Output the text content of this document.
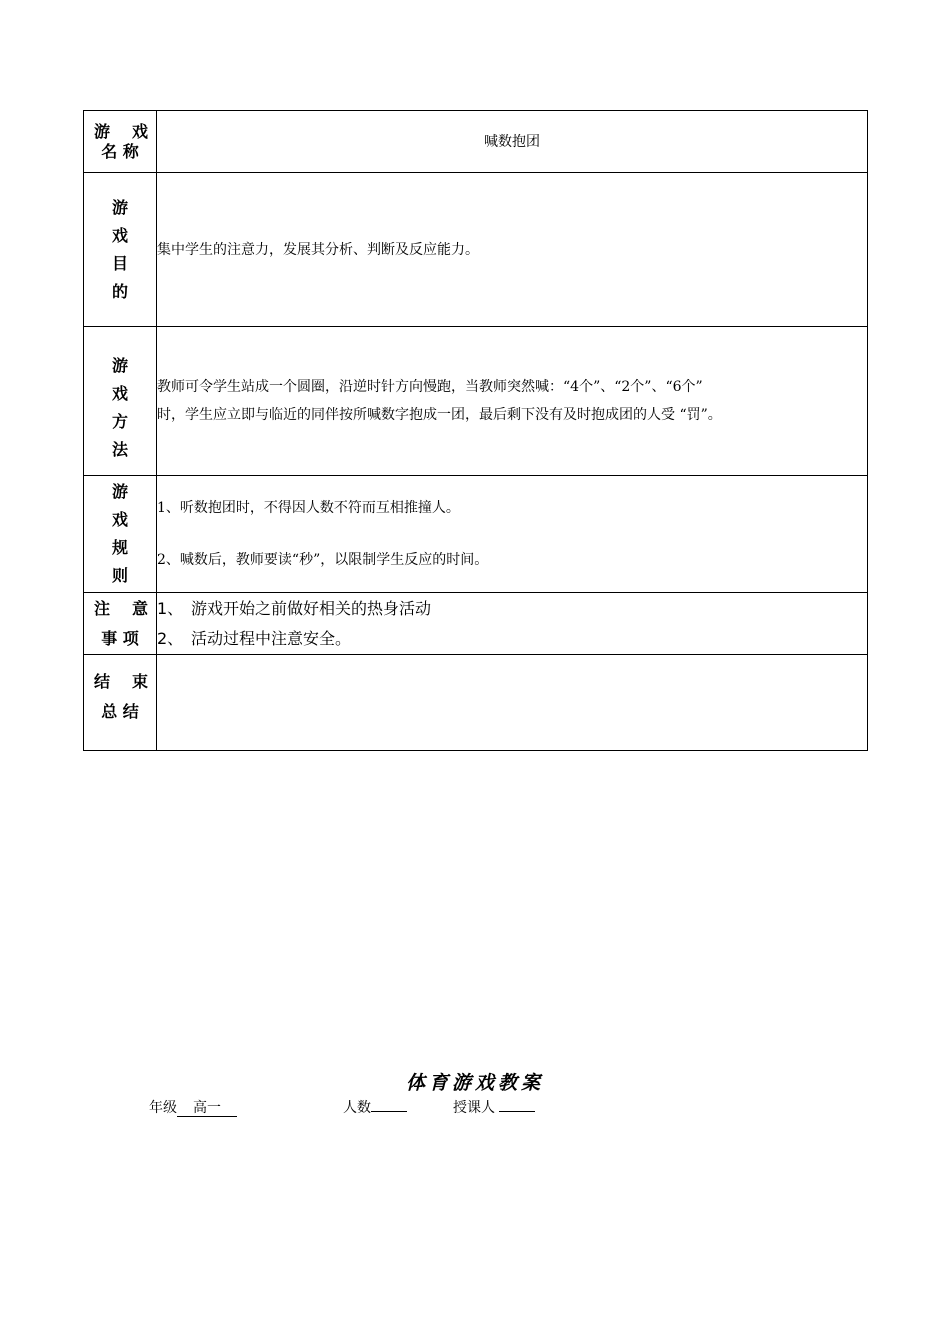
游 戏
名 称	喊数抱团

游
戏
目
的	集中学生的注意力，发展其分析、判断及反应能力。

游
戏
方
法	教师可令学生站成一个圆圈，沿逆时针方向慢跑，当教师突然喊：“4个”、“2个”、“6个”
时，学生应立即与临近的同伴按所喊数字抱成一团，最后剩下没有及时抱成团的人受 “罚”。

游
戏
规
则	1、听数抱团时，不得因人数不符而互相推撞人。
2、喊数后，教师要读“秒”，以限制学生反应的时间。

注 意
事 项	1、 游戏开始之前做好相关的热身活动
2、 活动过程中注意安全。

结 束
总 结	

体育游戏教案
年级 高一	人数	授课人
